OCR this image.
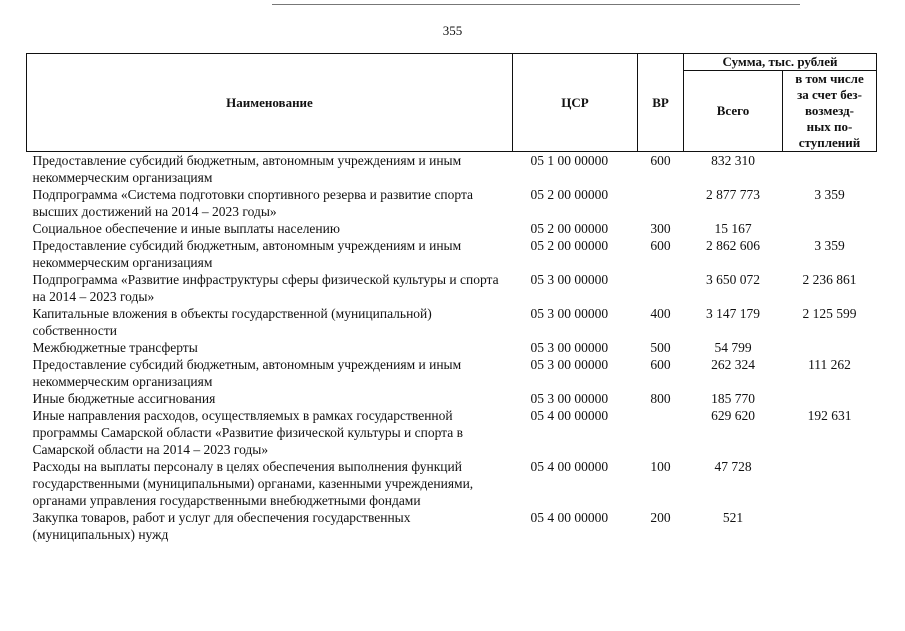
355
Наименование	ЦСР	ВР	Сумма, тыс. рублей	
			Всего	в том числе
за счет без-
возмезд-
ных по-
ступлений
Предоставление субсидий бюджетным, автономным учреждениям и иным некоммерческим организациям	05 1 00 00000	600	832 310	
Подпрограмма «Система подготовки спортивного резерва и развитие спорта высших достижений на 2014 – 2023 годы»	05 2 00 00000		2 877 773	3 359
Социальное обеспечение и иные выплаты населению	05 2 00 00000	300	15 167	
Предоставление субсидий бюджетным, автономным учреждениям и иным некоммерческим организациям	05 2 00 00000	600	2 862 606	3 359
Подпрограмма «Развитие инфраструктуры сферы физической культуры и спорта на 2014 – 2023 годы»	05 3 00 00000		3 650 072	2 236 861
Капитальные вложения в объекты государственной (муниципальной) собственности	05 3 00 00000	400	3 147 179	2 125 599
Межбюджетные трансферты	05 3 00 00000	500	54 799	
Предоставление субсидий бюджетным, автономным учреждениям и иным некоммерческим организациям	05 3 00 00000	600	262 324	111 262
Иные бюджетные ассигнования	05 3 00 00000	800	185 770	
Иные направления расходов, осуществляемых в рамках государственной программы Самарской области «Развитие физической культуры и спорта в Самарской области на 2014 – 2023 годы»	05 4 00 00000		629 620	192 631
Расходы на выплаты персоналу в целях обеспечения выполнения функций государственными (муниципальными) органами, казенными учреждениями, органами управления государственными внебюджетными фондами	05 4 00 00000	100	47 728	
Закупка товаров, работ и услуг для обеспечения государственных (муниципальных) нужд	05 4 00 00000	200	521	
